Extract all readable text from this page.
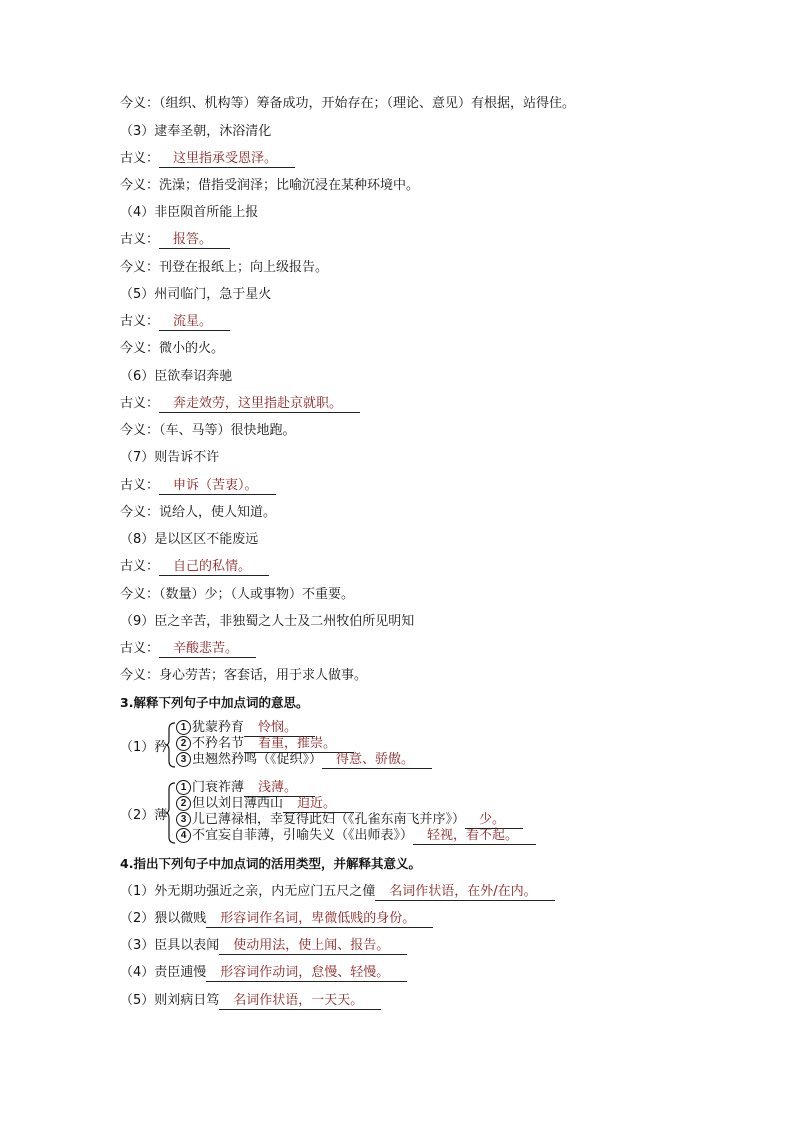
今义：（组织、机构等）筹备成功，开始存在；（理论、意见）有根据，站得住。
（3）逮奉圣朝，沐浴清化
古义： 这里指承受恩泽。
今义：洗澡；借指受润泽；比喻沉浸在某种环境中。
（4）非臣陨首所能上报
古义： 报答。
今义：刊登在报纸上；向上级报告。
（5）州司临门，急于星火
古义： 流星。
今义：微小的火。
（6）臣欲奉诏奔驰
古义： 奔走效劳，这里指赴京就职。
今义：（车、马等）很快地跑。
（7）则告诉不许
古义： 申诉（苦衷）。
今义：说给人，使人知道。
（8）是以区区不能废远
古义： 自己的私情。
今义：（数量）少；（人或事物）不重要。
（9）臣之辛苦，非独蜀之人士及二州牧伯所见明知
古义： 辛酸悲苦。
今义：身心劳苦；客套话，用于求人做事。
3.解释下列句子中加点词的意思。
（1）矜
1 犹蒙矜育 怜悯。
2 不矜名节 看重，推崇。
3 虫翘然矜鸣（《促织》） 得意、骄傲。
（2）薄
1 门衰祚薄 浅薄。
2 但以刘日薄西山 迫近。
3 儿已薄禄相，幸复得此妇（《孔雀东南飞并序》） 少。
4 不宜妄自菲薄，引喻失义（《出师表》） 轻视，看不起。
4.指出下列句子中加点词的活用类型，并解释其意义。
（1）外无期功强近之亲，内无应门五尺之僮 名词作状语，在外/在内。
（2）猥以微贱 形容词作名词，卑微低贱的身份。
（3）臣具以表闻 使动用法，使上闻、报告。
（4）责臣逋慢 形容词作动词，怠慢、轻慢。
（5）则刘病日笃 名词作状语，一天天。
